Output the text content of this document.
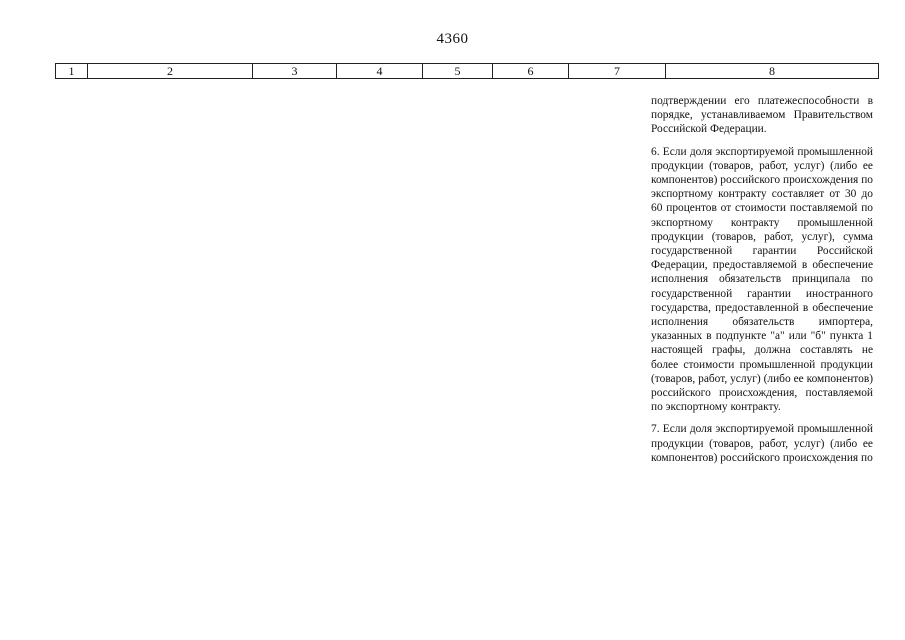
4360
1	2	3	4	5	6	7	8

подтверждении его платежеспособности в порядке, устанавливаемом Правительством Российской Федерации.

6. Если доля экспортируемой промышленной продукции (товаров, работ, услуг) (либо ее компонентов) российского происхождения по экспортному контракту составляет от 30 до 60 процентов от стоимости поставляемой по экспортному контракту промышленной продукции (товаров, работ, услуг), сумма государственной гарантии Российской Федерации, предоставляемой в обеспечение исполнения обязательств принципала по государственной гарантии иностранного государства, предоставленной в обеспечение исполнения обязательств импортера, указанных в подпункте "а" или "б" пункта 1 настоящей графы, должна составлять не более стоимости промышленной продукции (товаров, работ, услуг) (либо ее компонентов) российского происхождения, поставляемой по экспортному контракту.

7. Если доля экспортируемой промышленной продукции (товаров, работ, услуг) (либо ее компонентов) российского происхождения по
